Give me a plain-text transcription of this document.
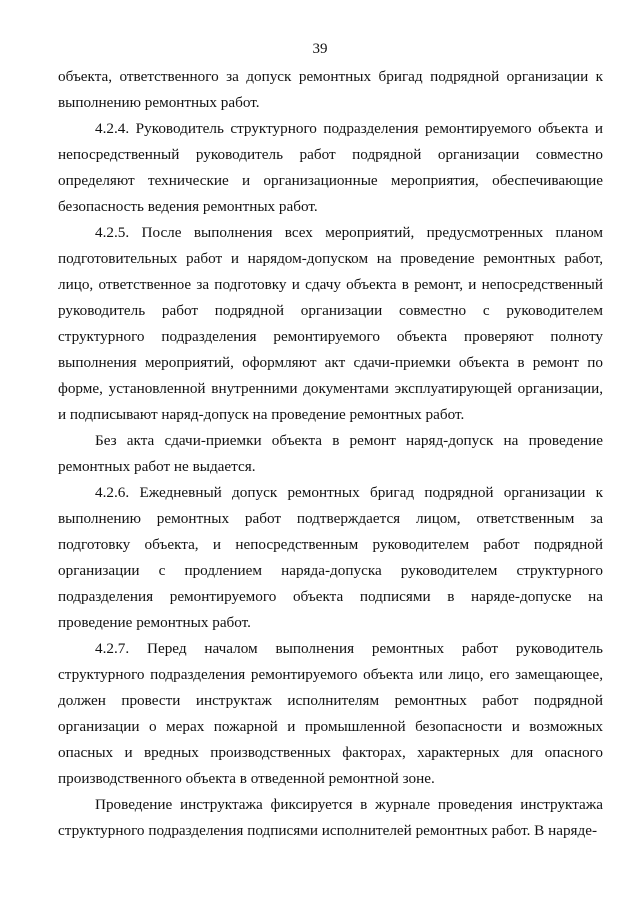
39

объекта, ответственного за допуск ремонтных бригад подрядной организации к выполнению ремонтных работ.

4.2.4. Руководитель структурного подразделения ремонтируемого объекта и непосредственный руководитель работ подрядной организации совместно определяют технические и организационные мероприятия, обеспечивающие безопасность ведения ремонтных работ.

4.2.5. После выполнения всех мероприятий, предусмотренных планом подготовительных работ и нарядом-допуском на проведение ремонтных работ, лицо, ответственное за подготовку и сдачу объекта в ремонт, и непосредственный руководитель работ подрядной организации совместно с руководителем структурного подразделения ремонтируемого объекта проверяют полноту выполнения мероприятий, оформляют акт сдачи-приемки объекта в ремонт по форме, установленной внутренними документами эксплуатирующей организации, и подписывают наряд-допуск на проведение ремонтных работ.

Без акта сдачи-приемки объекта в ремонт наряд-допуск на проведение ремонтных работ не выдается.

4.2.6. Ежедневный допуск ремонтных бригад подрядной организации к выполнению ремонтных работ подтверждается лицом, ответственным за подготовку объекта, и непосредственным руководителем работ подрядной организации с продлением наряда-допуска руководителем структурного подразделения ремонтируемого объекта подписями в наряде-допуске на проведение ремонтных работ.

4.2.7. Перед началом выполнения ремонтных работ руководитель структурного подразделения ремонтируемого объекта или лицо, его замещающее, должен провести инструктаж исполнителям ремонтных работ подрядной организации о мерах пожарной и промышленной безопасности и возможных опасных и вредных производственных факторах, характерных для опасного производственного объекта в отведенной ремонтной зоне.

Проведение инструктажа фиксируется в журнале проведения инструктажа структурного подразделения подписями исполнителей ремонтных работ. В наряде-
